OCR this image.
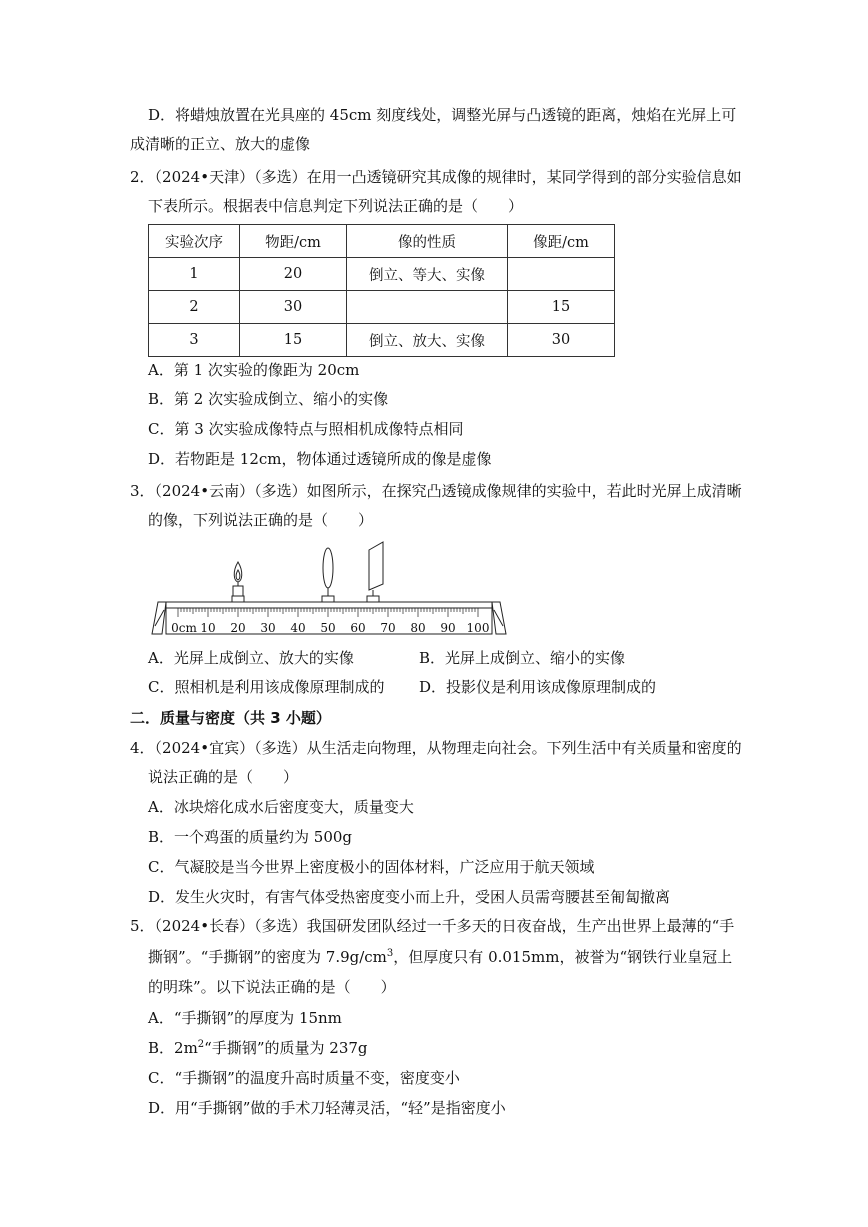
D．将蜡烛放置在光具座的 45cm 刻度线处，调整光屏与凸透镜的距离，烛焰在光屏上可
成清晰的正立、放大的虚像
2．（2024•天津）（多选）在用一凸透镜研究其成像的规律时，某同学得到的部分实验信息如
下表所示。根据表中信息判定下列说法正确的是（　　）
实验次序	物距/cm	像的性质	像距/cm
1	20	倒立、等大、实像	
2	30		15
3	15	倒立、放大、实像	30
A．第 1 次实验的像距为 20cm
B．第 2 次实验成倒立、缩小的实像
C．第 3 次实验成像特点与照相机成像特点相同
D．若物距是 12cm，物体通过透镜所成的像是虚像
3．（2024•云南）（多选）如图所示，在探究凸透镜成像规律的实验中，若此时光屏上成清晰
的像，下列说法正确的是（　　）
0cm 10 20 30 40 50 60 70 80 90 100
A．光屏上成倒立、放大的实像	B．光屏上成倒立、缩小的实像
C．照相机是利用该成像原理制成的 D．投影仪是利用该成像原理制成的
二．质量与密度（共 3 小题）
4．（2024•宜宾）（多选）从生活走向物理，从物理走向社会。下列生活中有关质量和密度的
说法正确的是（　　）
A．冰块熔化成水后密度变大，质量变大
B．一个鸡蛋的质量约为 500g
C．气凝胶是当今世界上密度极小的固体材料，广泛应用于航天领域
D．发生火灾时，有害气体受热密度变小而上升，受困人员需弯腰甚至匍匐撤离
5．（2024•长春）（多选）我国研发团队经过一千多天的日夜奋战，生产出世界上最薄的“手
撕钢”。“手撕钢”的密度为 $7.9g/cm^3$，但厚度只有 0.015mm，被誉为“钢铁行业皇冠上
的明珠”。以下说法正确的是（　　）
A．“手撕钢”的厚度为 15nm
B．$2m^2“$手撕钢”的质量为 237g
C．“手撕钢”的温度升高时质量不变，密度变小
D．用“手撕钢”做的手术刀轻薄灵活，“轻”是指密度小
